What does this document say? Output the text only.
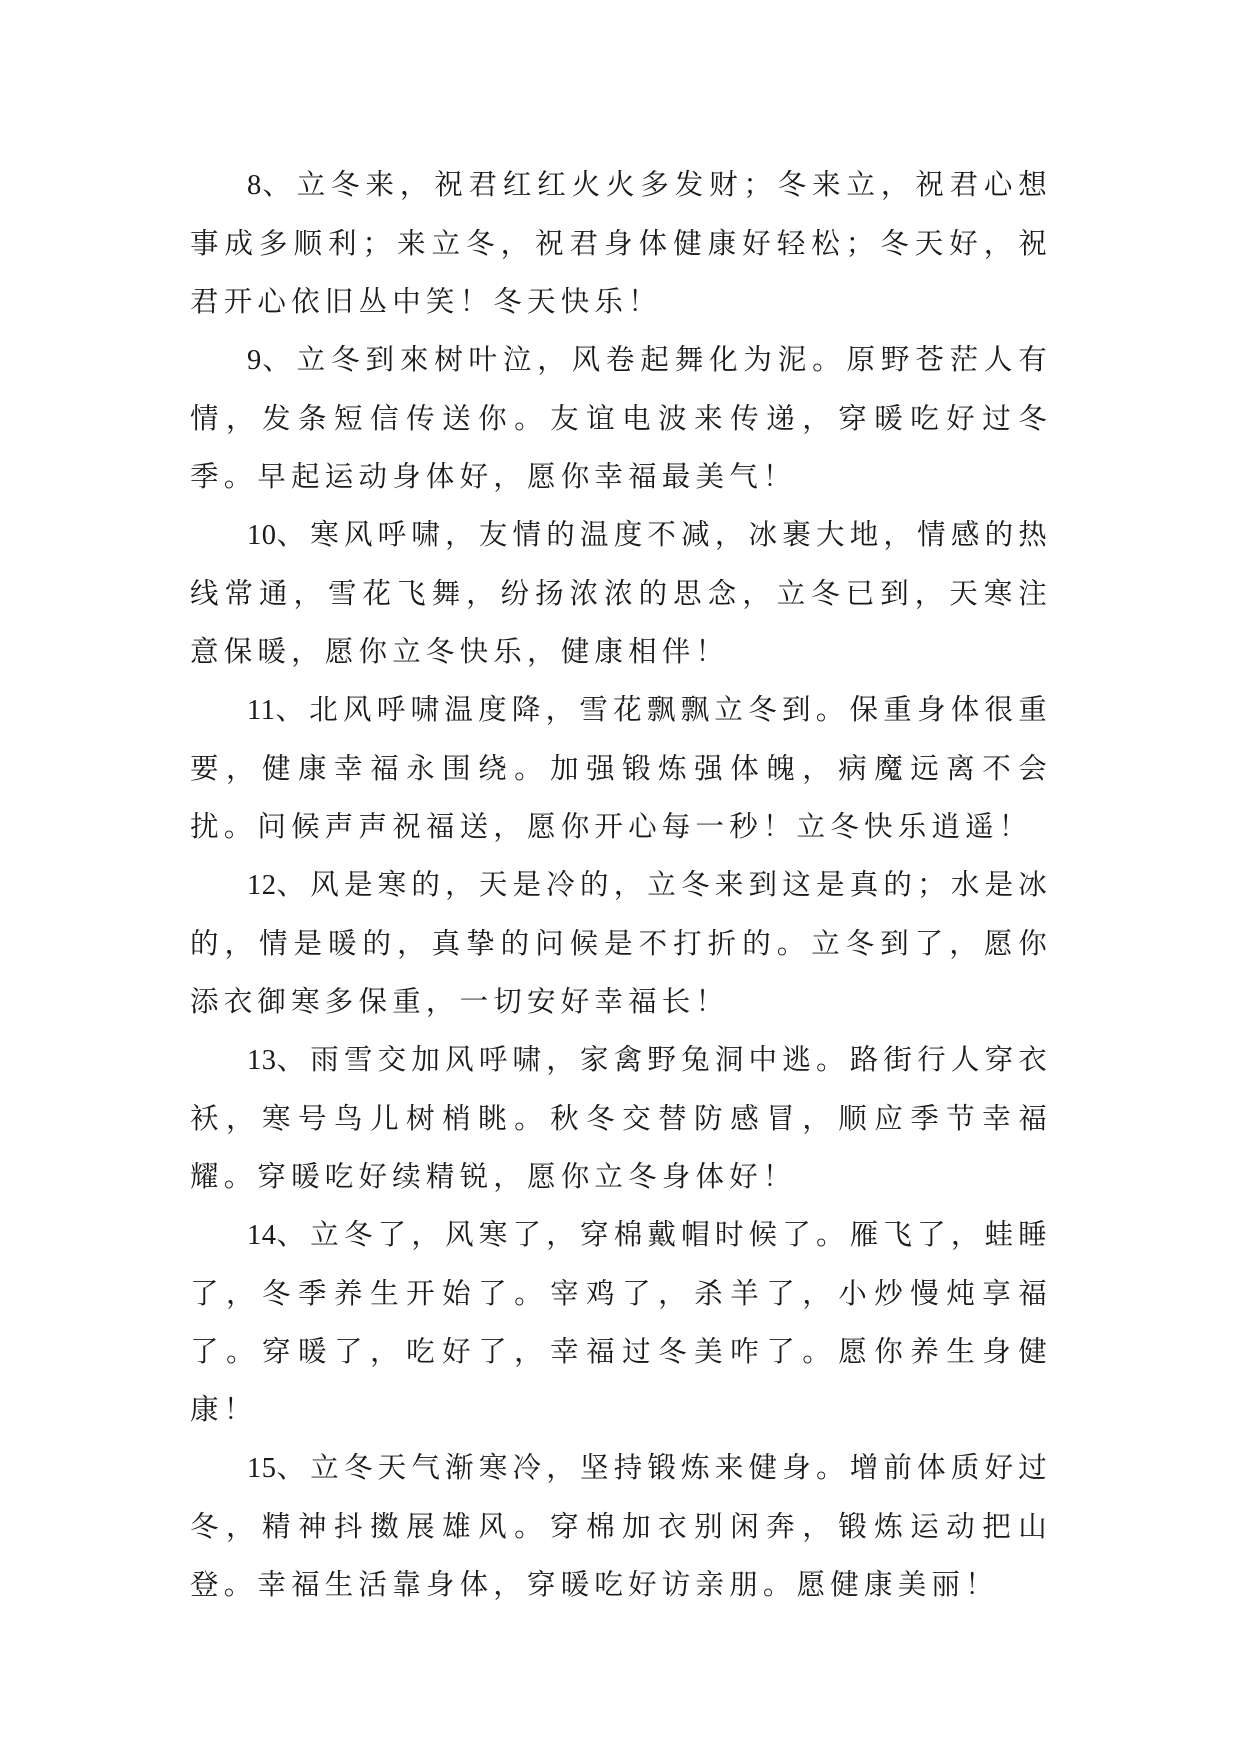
8、立冬来，祝君红红火火多发财；冬来立，祝君心想事成多顺利；来立冬，祝君身体健康好轻松；冬天好，祝君开心依旧丛中笑！冬天快乐！

9、立冬到來树叶泣，风卷起舞化为泥。原野苍茫人有情，发条短信传送你。友谊电波来传递，穿暖吃好过冬季。早起运动身体好，愿你幸福最美气！

10、寒风呼啸，友情的温度不减，冰裹大地，情感的热线常通，雪花飞舞，纷扬浓浓的思念，立冬已到，天寒注意保暖，愿你立冬快乐，健康相伴！

11、北风呼啸温度降，雪花飘飘立冬到。保重身体很重要，健康幸福永围绕。加强锻炼强体魄，病魔远离不会扰。问候声声祝福送，愿你开心每一秒！立冬快乐逍遥！

12、风是寒的，天是冷的，立冬来到这是真的；水是冰的，情是暖的，真挚的问候是不打折的。立冬到了，愿你添衣御寒多保重，一切安好幸福长！

13、雨雪交加风呼啸，家禽野兔洞中逃。路街行人穿衣袄，寒号鸟儿树梢眺。秋冬交替防感冒，顺应季节幸福耀。穿暖吃好续精锐，愿你立冬身体好！

14、立冬了，风寒了，穿棉戴帽时候了。雁飞了，蛙睡了，冬季养生开始了。宰鸡了，杀羊了，小炒慢炖享福了。穿暖了，吃好了，幸福过冬美咋了。愿你养生身健康！

15、立冬天气渐寒冷，坚持锻炼来健身。增前体质好过冬，精神抖擞展雄风。穿棉加衣别闲奔，锻炼运动把山登。幸福生活靠身体，穿暖吃好访亲朋。愿健康美丽！
